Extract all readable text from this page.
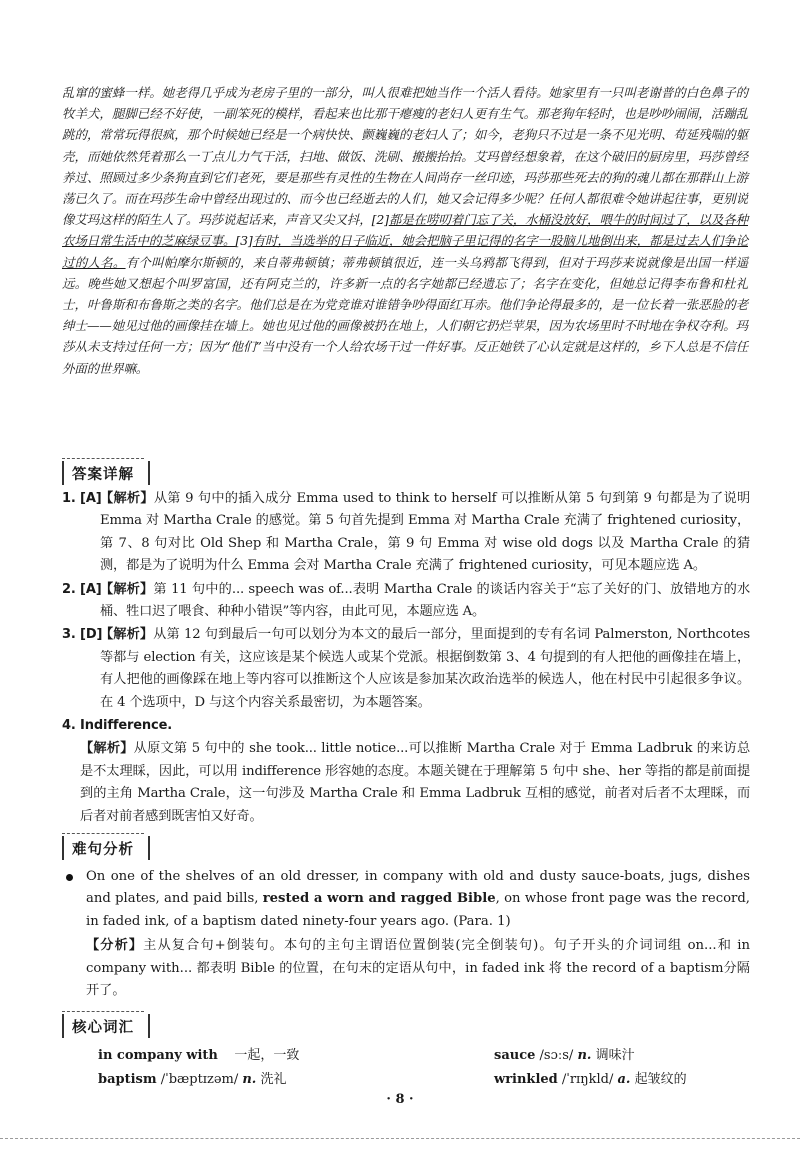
乱窜的蜜蜂一样。她老得几乎成为老房子里的一部分，叫人很难把她当作一个活人看待。她家里有一只叫老谢普的白色鼻子的牧羊犬，腿脚已经不好使，一副笨死的模样，看起来也比那干瘪瘦的老妇人更有生气。那老狗年轻时，也是吵吵闹闹，活蹦乱跳的，常常玩得很疯，那个时候她已经是一个病快快、颤巍巍的老妇人了；如今，老狗只不过是一条不见光明、苟延残喘的躯壳，而她依然凭着那么一丁点儿力气干活，扫地、做饭、洗刷、搬搬抬抬。艾玛曾经想象着，在这个破旧的厨房里，玛莎曾经养过、照顾过多少条狗直到它们老死，要是那些有灵性的生物在人间尚存一丝印迹，玛莎那些死去的狗的魂儿都在那群山上游荡已久了。而在玛莎生命中曾经出现过的、而今也已经逝去的人们，她又会记得多少呢？任何人都很难令她讲起往事，更别说像艾玛这样的陌生人了。玛莎说起话来，声音又尖又抖，[2]都是在唠叨着门忘了关，水桶没放好，喂牛的时间过了，以及各种农场日常生活中的芝麻绿豆事。[3]有时，当选举的日子临近，她会把脑子里记得的名字一股脑儿地倒出来，都是过去人们争论过的人名。有个叫帕摩尔斯顿的，来自蒂弗顿镇；蒂弗顿镇很近，连一头乌鸦都飞得到，但对于玛莎来说就像是出国一样遥远。晚些她又想起个叫罗富国，还有阿克兰的，许多新一点的名字她都已经遗忘了；名字在变化，但她总记得李布鲁和杜礼士，叶鲁斯和布鲁斯之类的名字。他们总是在为党竞谁对谁错争吵得面红耳赤。他们争论得最多的，是一位长着一张恶脸的老绅士——她见过他的画像挂在墙上。她也见过他的画像被扔在地上，人们朝它扔烂苹果，因为农场里时不时地在争权夺利。玛莎从未支持过任何一方；因为“他们”当中没有一个人给农场干过一件好事。反正她铁了心认定就是这样的，乡下人总是不信任外面的世界嘛。

答案详解
1. [A]
【解析】从第 9 句中的插入成分 Emma used to think to herself 可以推断从第 5 句到第 9 句都是为了说明 Emma 对 Martha Crale 的感觉。第 5 句首先提到 Emma 对 Martha Crale 充满了 frightened curiosity，第 7、8 句对比 Old Shep 和 Martha Crale，第 9 句 Emma 对 wise old dogs 以及 Martha Crale 的猜测，都是为了说明为什么 Emma 会对 Martha Crale 充满了 frightened curiosity，可见本题应选 A。
2. [A]
【解析】第 11 句中的... speech was of...表明 Martha Crale 的谈话内容关于“忘了关好的门、放错地方的水桶、牲口迟了喂食、种种小错误”等内容，由此可见，本题应选 A。
3. [D]
【解析】从第 12 句到最后一句可以划分为本文的最后一部分，里面提到的专有名词 Palmerston, Northcotes 等都与 election 有关，这应该是某个候选人或某个党派。根据倒数第 3、4 句提到的有人把他的画像挂在墙上，有人把他的画像踩在地上等内容可以推断这个人应该是参加某次政治选举的候选人，他在村民中引起很多争议。在 4 个选项中，D 与这个内容关系最密切，为本题答案。
4. Indifference.
【解析】从原文第 5 句中的 she took... little notice...可以推断 Martha Crale 对于 Emma Ladbruk 的来访总是不太理睬，因此，可以用 indifference 形容她的态度。本题关键在于理解第 5 句中 she、her 等指的都是前面提到的主角 Martha Crale，这一句涉及 Martha Crale 和 Emma Ladbruk 互相的感觉，前者对后者不太理睬，而后者对前者感到既害怕又好奇。
难句分析
On one of the shelves of an old dresser, in company with old and dusty sauce-boats, jugs, dishes and plates, and paid bills, rested a worn and ragged Bible, on whose front page was the record, in faded ink, of a baptism dated ninety-four years ago. (Para. 1)
【分析】主从复合句+倒装句。本句的主句主谓语位置倒装(完全倒装句)。句子开头的介词词组 on...和 in company with... 都表明 Bible 的位置，在句末的定语从句中，in faded ink 将 the record of a baptism分隔开了。
核心词汇
in company with 一起，一致	sauce /sɔːs/ n. 调味汁
baptism /ˈbæptɪzəm/ n. 洗礼	wrinkled /ˈrɪŋkld/ a. 起皱纹的
· 8 ·
